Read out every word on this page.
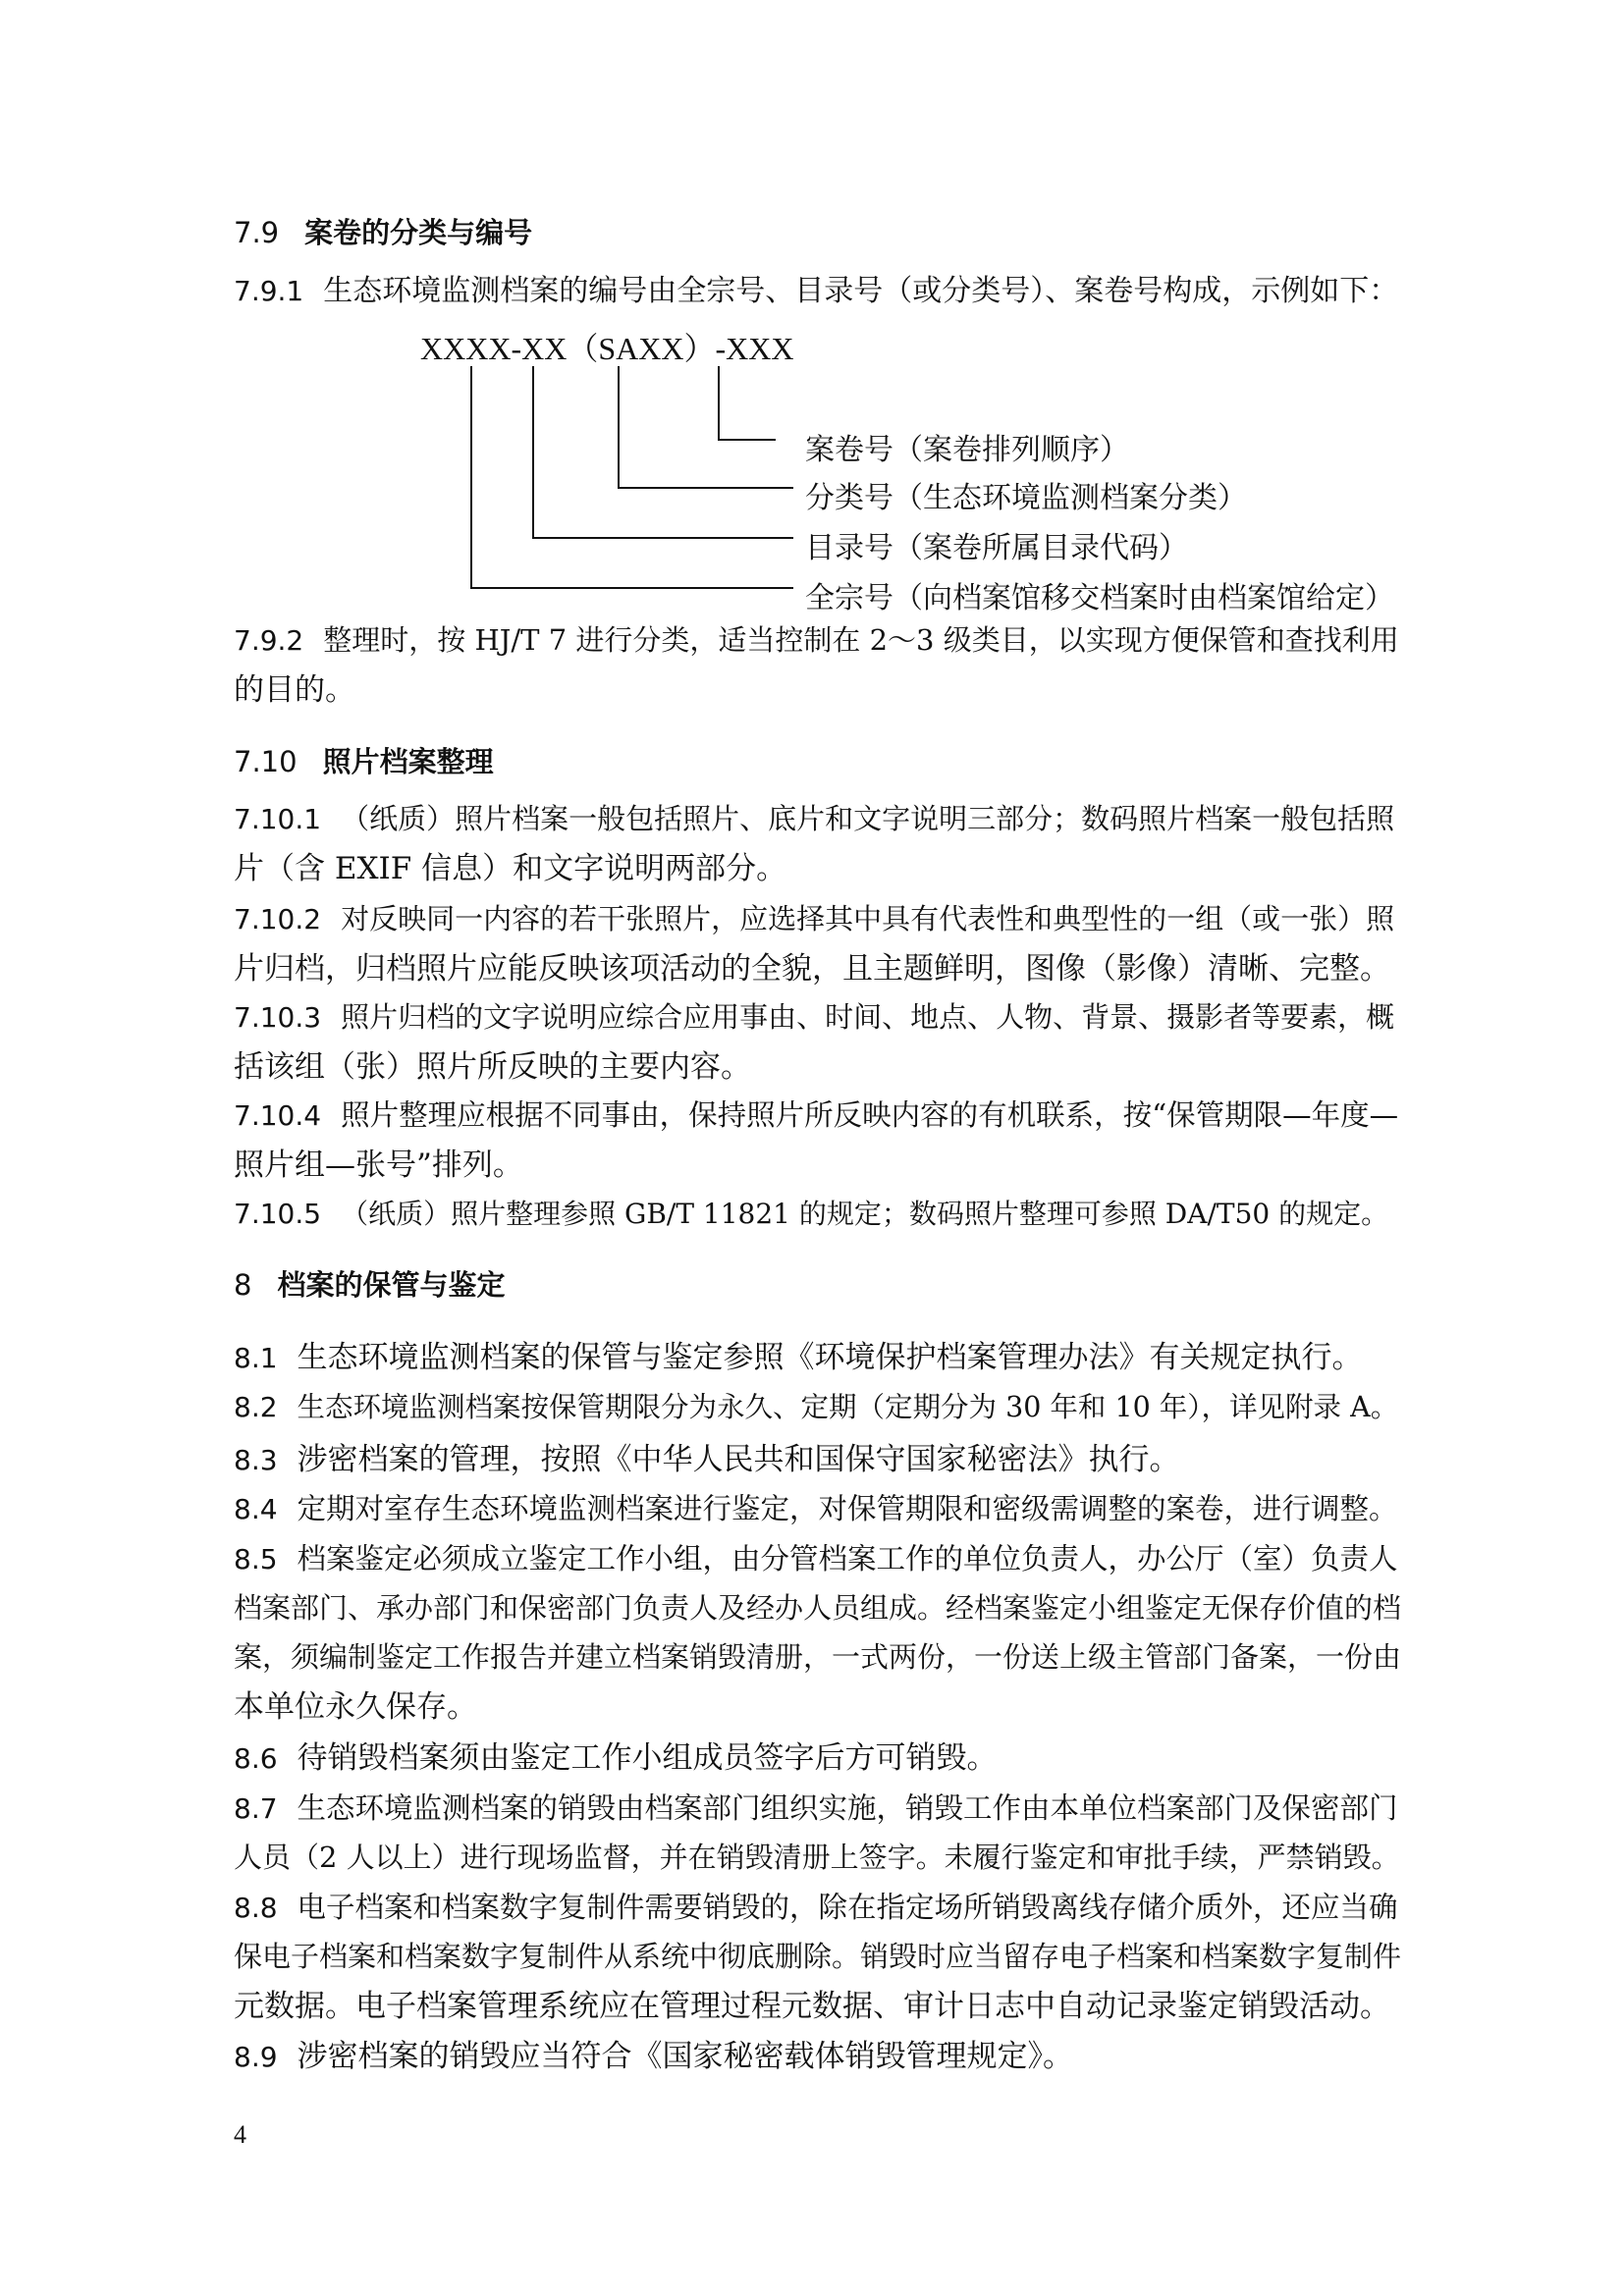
7.9 案卷的分类与编号
7.9.1 生态环境监测档案的编号由全宗号、目录号（或分类号）、案卷号构成，示例如下：
XXXX-XX（SAXX）-XXX
案卷号（案卷排列顺序）
分类号（生态环境监测档案分类）
目录号（案卷所属目录代码）
全宗号（向档案馆移交档案时由档案馆给定）
7.9.2 整理时，按 HJ/T 7 进行分类，适当控制在 2～3 级类目，以实现方便保管和查找利用
的目的。
7.10 照片档案整理
7.10.1 （纸质）照片档案一般包括照片、底片和文字说明三部分；数码照片档案一般包括照
片（含 EXIF 信息）和文字说明两部分。
7.10.2 对反映同一内容的若干张照片，应选择其中具有代表性和典型性的一组（或一张）照
片归档，归档照片应能反映该项活动的全貌，且主题鲜明，图像（影像）清晰、完整。
7.10.3 照片归档的文字说明应综合应用事由、时间、地点、人物、背景、摄影者等要素，概
括该组（张）照片所反映的主要内容。
7.10.4 照片整理应根据不同事由，保持照片所反映内容的有机联系，按“保管期限—年度—
照片组—张号”排列。
7.10.5 （纸质）照片整理参照 GB/T 11821 的规定；数码照片整理可参照 DA/T50 的规定。
8 档案的保管与鉴定
8.1 生态环境监测档案的保管与鉴定参照《环境保护档案管理办法》有关规定执行。
8.2 生态环境监测档案按保管期限分为永久、定期（定期分为 30 年和 10 年），详见附录 A。
8.3 涉密档案的管理，按照《中华人民共和国保守国家秘密法》执行。
8.4 定期对室存生态环境监测档案进行鉴定，对保管期限和密级需调整的案卷，进行调整。
8.5 档案鉴定必须成立鉴定工作小组，由分管档案工作的单位负责人，办公厅（室）负责人
档案部门、承办部门和保密部门负责人及经办人员组成。经档案鉴定小组鉴定无保存价值的档
案，须编制鉴定工作报告并建立档案销毁清册，一式两份，一份送上级主管部门备案，一份由
本单位永久保存。
8.6 待销毁档案须由鉴定工作小组成员签字后方可销毁。
8.7 生态环境监测档案的销毁由档案部门组织实施，销毁工作由本单位档案部门及保密部门
人员（2 人以上）进行现场监督，并在销毁清册上签字。未履行鉴定和审批手续，严禁销毁。
8.8 电子档案和档案数字复制件需要销毁的，除在指定场所销毁离线存储介质外，还应当确
保电子档案和档案数字复制件从系统中彻底删除。销毁时应当留存电子档案和档案数字复制件
元数据。电子档案管理系统应在管理过程元数据、审计日志中自动记录鉴定销毁活动。
8.9 涉密档案的销毁应当符合《国家秘密载体销毁管理规定》。
4
